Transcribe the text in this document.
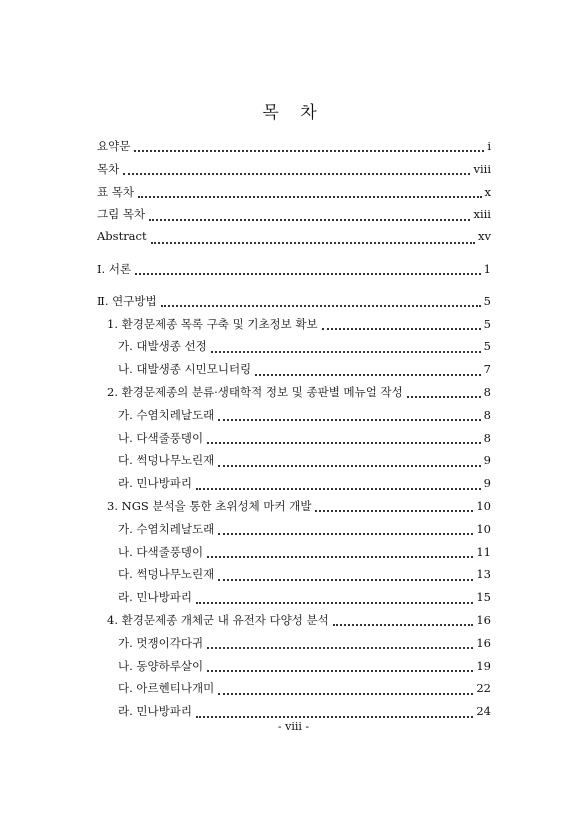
목 차
요약문	i
목차	viii
표 목차	x
그림 목차	xiii
Abstract	xv
Ⅰ. 서론	1
Ⅱ. 연구방법	5
1. 환경문제종 목록 구축 및 기초정보 확보	5
가. 대발생종 선정	5
나. 대발생종 시민모니터링	7
2. 환경문제종의 분류·생태학적 정보 및 종판별 메뉴얼 작성	8
가. 수염치레날도래	8
나. 다색줄풍뎅이	8
다. 썩덩나무노린재	9
라. 민나방파리	9
3. NGS 분석을 통한 초위성체 마커 개발	10
가. 수염치레날도래	10
나. 다색줄풍뎅이	11
다. 썩덩나무노린재	13
라. 민나방파리	15
4. 환경문제종 개체군 내 유전자 다양성 분석	16
가. 멋쟁이각다귀	16
나. 동양하루살이	19
다. 아르헨티나개미	22
라. 민나방파리	24
- viii -
